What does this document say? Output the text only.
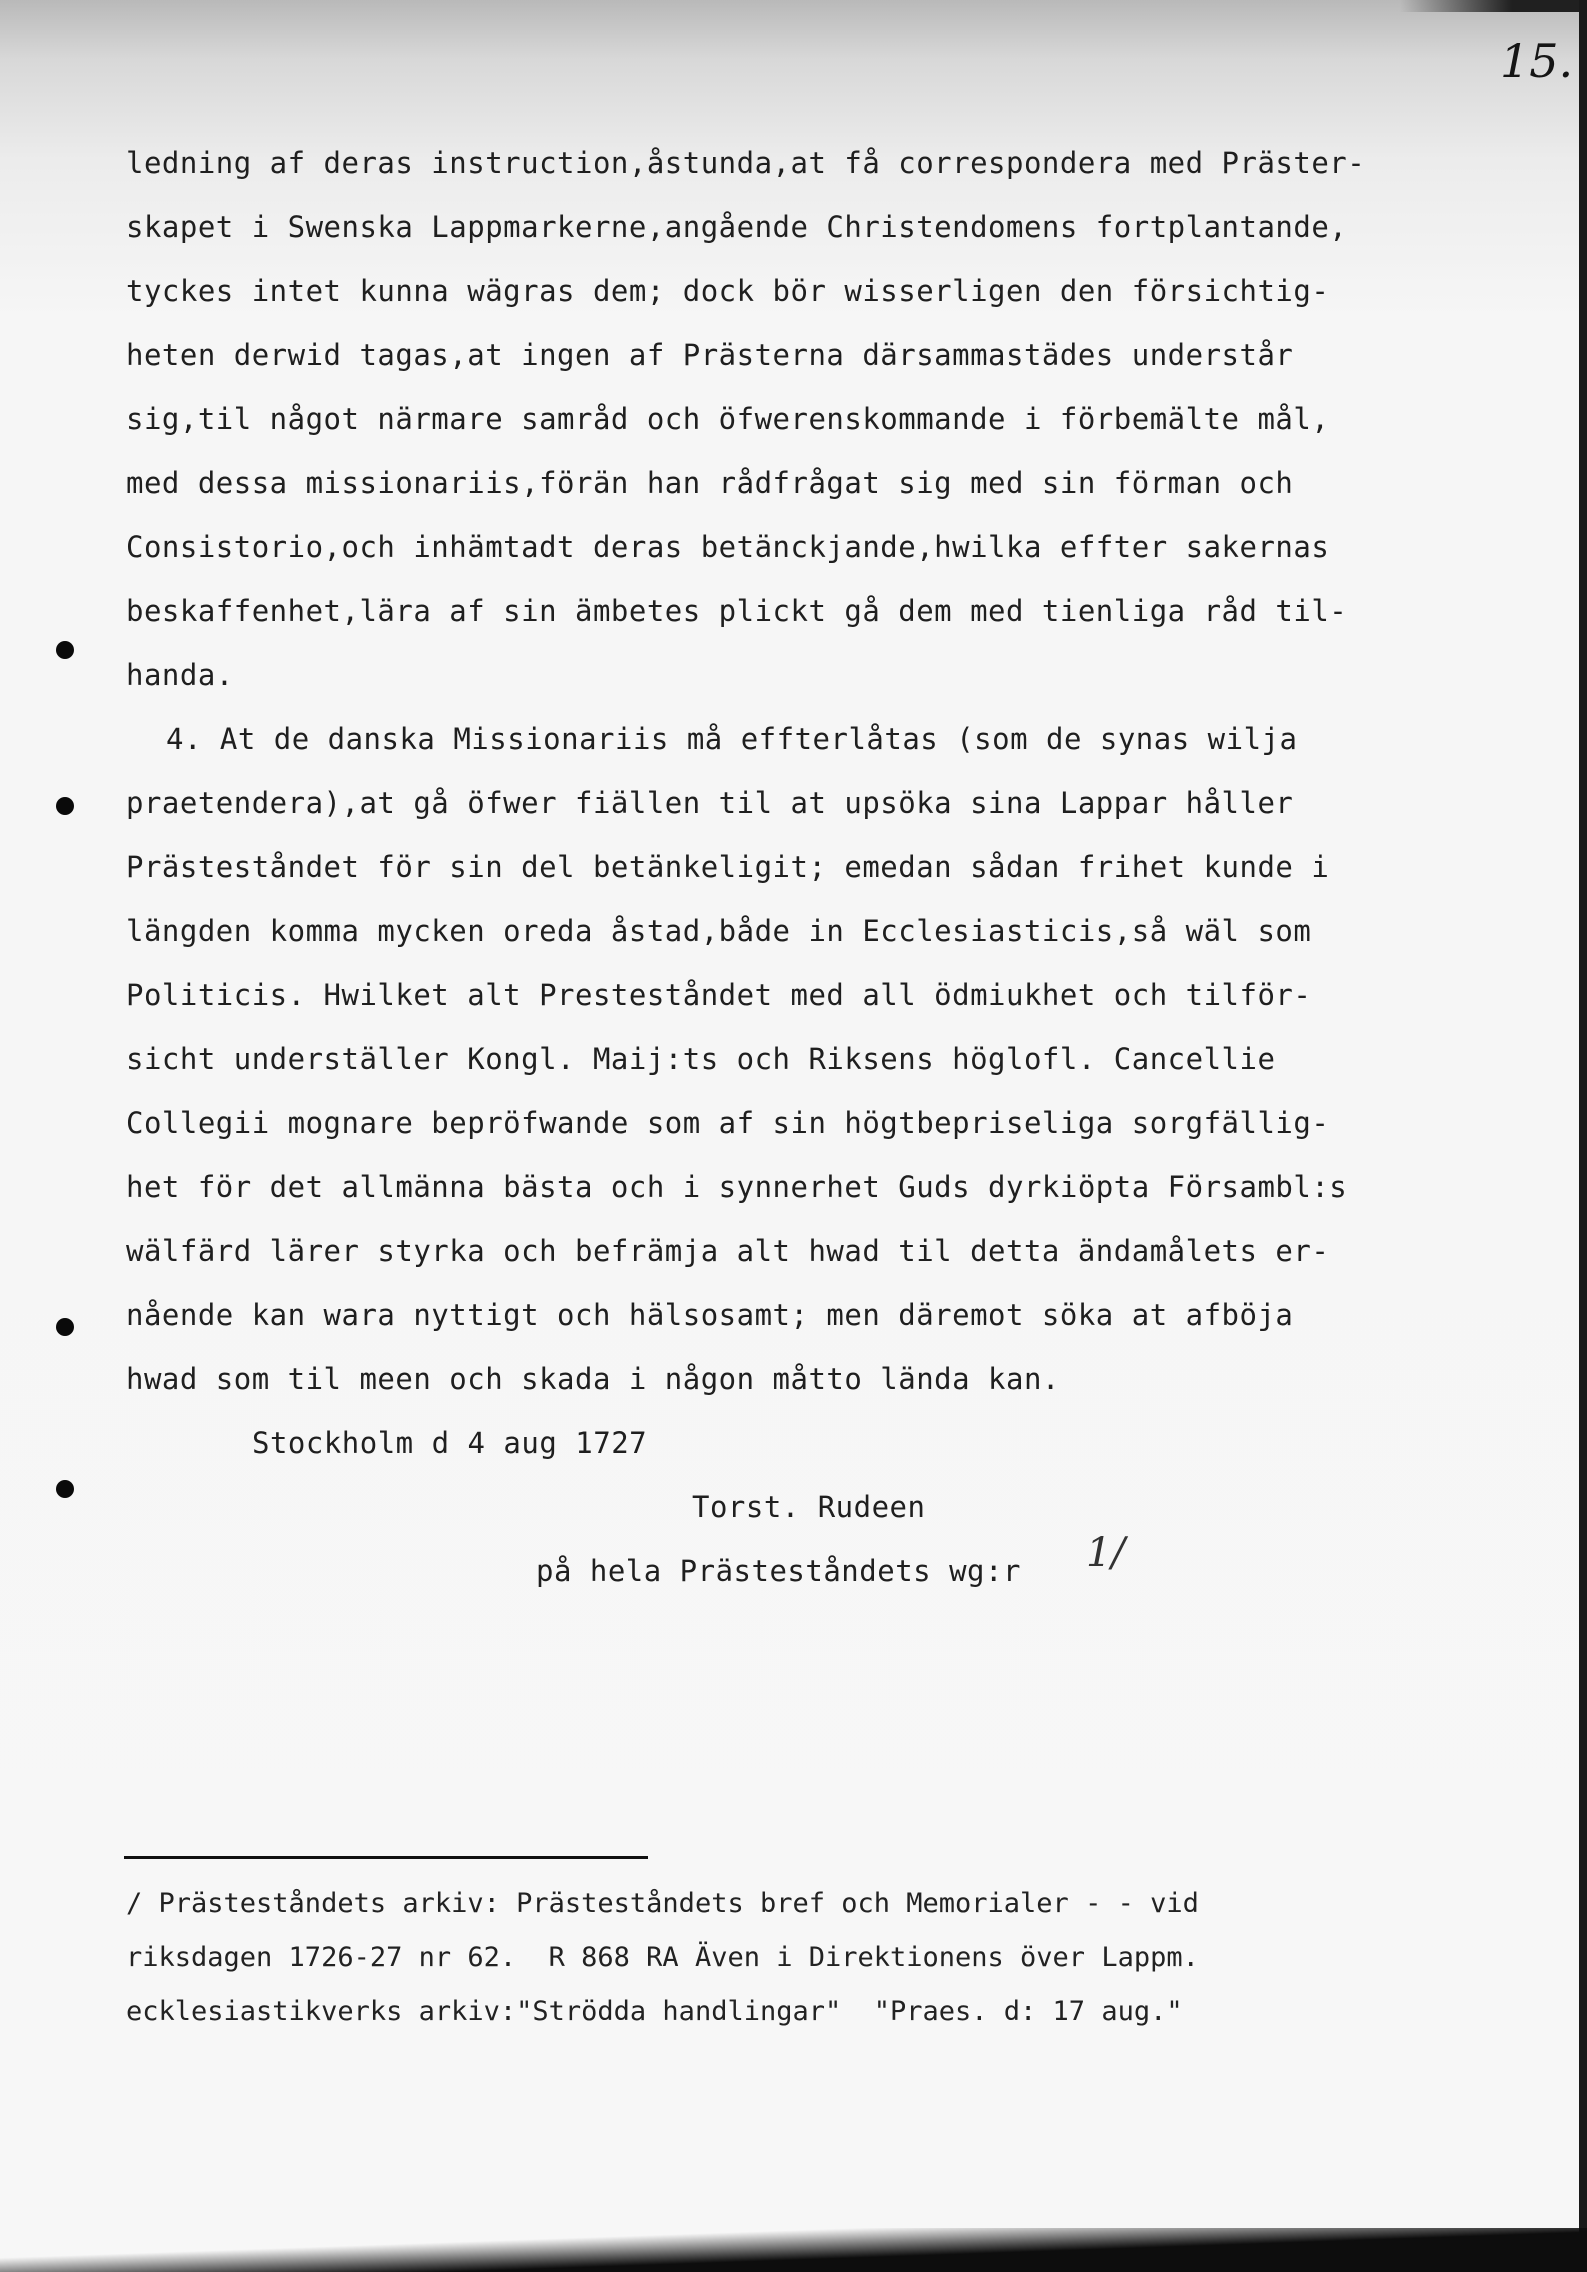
15.
ledning af deras instruction,åstunda,at få correspondera med Präster-
skapet i Swenska Lappmarkerne,angående Christendomens fortplantande,
tyckes intet kunna wägras dem; dock bör wisserligen den försichtig-
heten derwid tagas,at ingen af Prästerna därsammastädes understår
sig,til något närmare samråd och öfwerenskommande i förbemälte mål,
med dessa missionariis,förän han rådfrågat sig med sin förman och
Consistorio,och inhämtadt deras betänckjande,hwilka effter sakernas
beskaffenhet,lära af sin ämbetes plickt gå dem med tienliga råd til-
handa.
4. At de danska Missionariis må effterlåtas (som de synas wilja
praetendera),at gå öfwer fiällen til at upsöka sina Lappar håller
Prästeståndet för sin del betänkeligit; emedan sådan frihet kunde i
längden komma mycken oreda åstad,både in Ecclesiasticis,så wäl som
Politicis. Hwilket alt Presteståndet med all ödmiukhet och tilför-
sicht underställer Kongl. Maij:ts och Riksens höglofl. Cancellie
Collegii mognare bepröfwande som af sin högtbepriseliga sorgfällig-
het för det allmänna bästa och i synnerhet Guds dyrkiöpta Försambl:s
wälfärd lärer styrka och befrämja alt hwad til detta ändamålets er-
nående kan wara nyttigt och hälsosamt; men däremot söka at afböja
hwad som til meen och skada i någon måtto lända kan.
Stockholm d 4 aug 1727
Torst. Rudeen
på hela Prästeståndets wg:r 1/
/ Prästeståndets arkiv: Prästeståndets bref och Memorialer - - vid
riksdagen 1726-27 nr 62.  R 868 RA Även i Direktionens över Lappm.
ecklesiastikverks arkiv:"Strödda handlingar"  "Praes. d: 17 aug."
